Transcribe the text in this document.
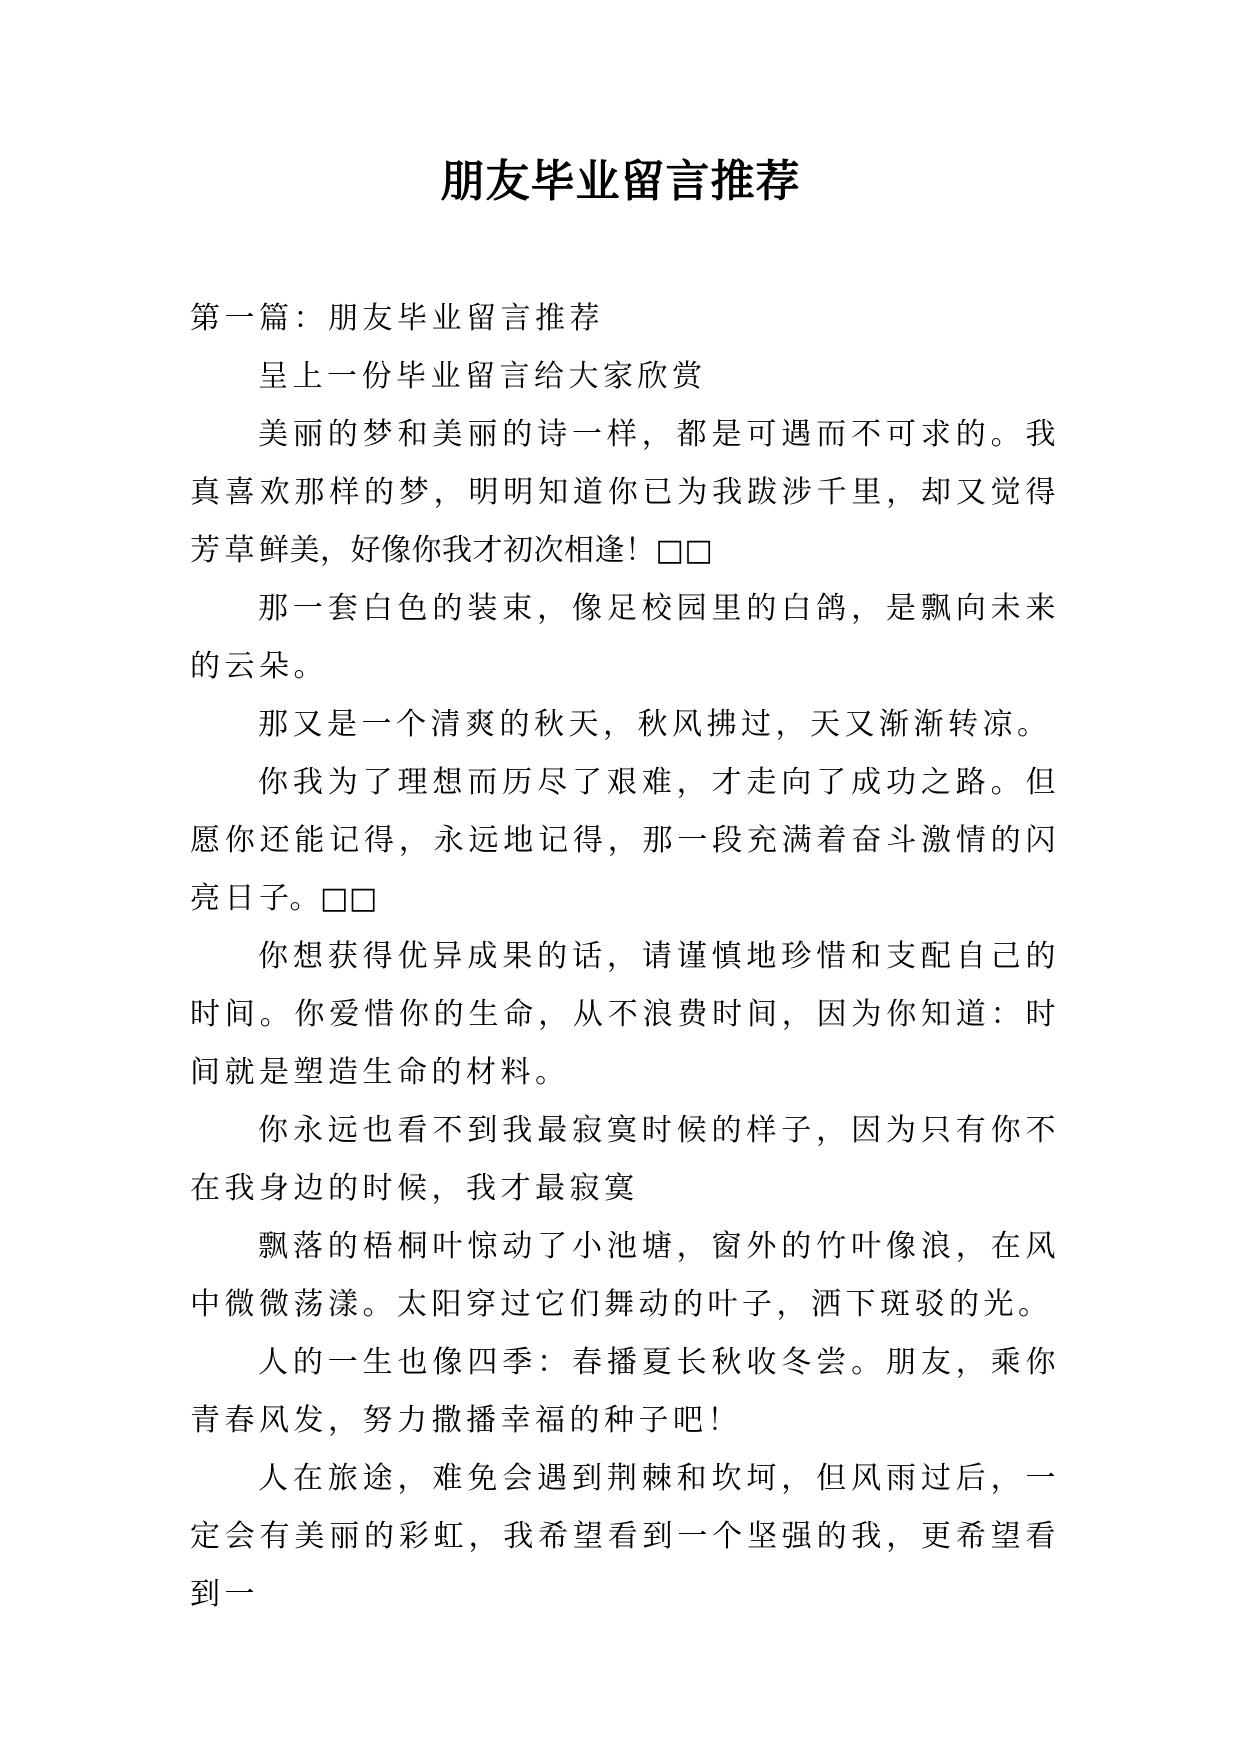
朋友毕业留言推荐

第一篇：朋友毕业留言推荐

呈上一份毕业留言给大家欣赏

美丽的梦和美丽的诗一样，都是可遇而不可求的。我真喜欢那样的梦，明明知道你已为我跋涉千里，却又觉得芳草鲜美，好像你我才初次相逢！□□

那一套白色的装束，像足校园里的白鸽，是飘向未来的云朵。

那又是一个清爽的秋天，秋风拂过，天又渐渐转凉。

你我为了理想而历尽了艰难，才走向了成功之路。但愿你还能记得，永远地记得，那一段充满着奋斗激情的闪亮日子。□□

你想获得优异成果的话，请谨慎地珍惜和支配自己的时间。你爱惜你的生命，从不浪费时间，因为你知道：时间就是塑造生命的材料。

你永远也看不到我最寂寞时候的样子，因为只有你不在我身边的时候，我才最寂寞

飘落的梧桐叶惊动了小池塘，窗外的竹叶像浪，在风中微微荡漾。太阳穿过它们舞动的叶子，洒下斑驳的光。

人的一生也像四季：春播夏长秋收冬尝。朋友，乘你青春风发，努力撒播幸福的种子吧！

人在旅途，难免会遇到荆棘和坎坷，但风雨过后，一定会有美丽的彩虹，我希望看到一个坚强的我，更希望看到一
